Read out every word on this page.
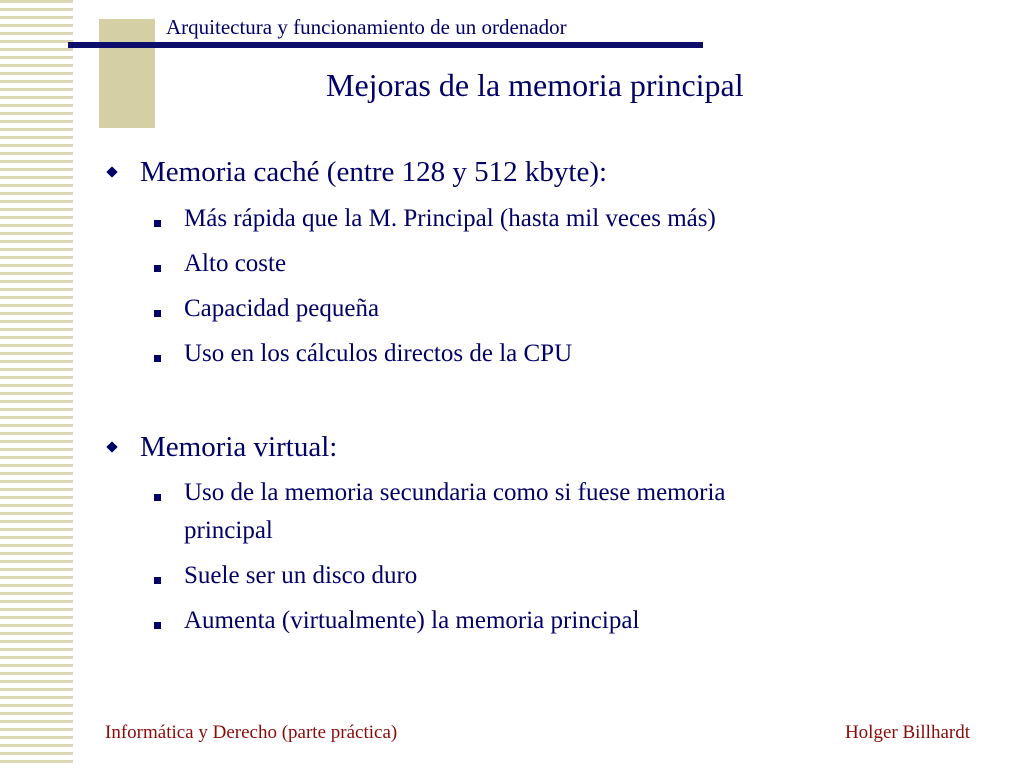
Arquitectura y funcionamiento de un ordenador
Mejoras de la memoria principal
Memoria caché (entre 128 y 512 kbyte):
Más rápida que la M. Principal (hasta mil veces más)
Alto coste
Capacidad pequeña
Uso en los cálculos directos de la CPU
Memoria virtual:
Uso de la memoria secundaria como si fuese memoria
principal
Suele ser un disco duro
Aumenta (virtualmente) la memoria principal
Informática y Derecho (parte práctica)	Holger Billhardt
